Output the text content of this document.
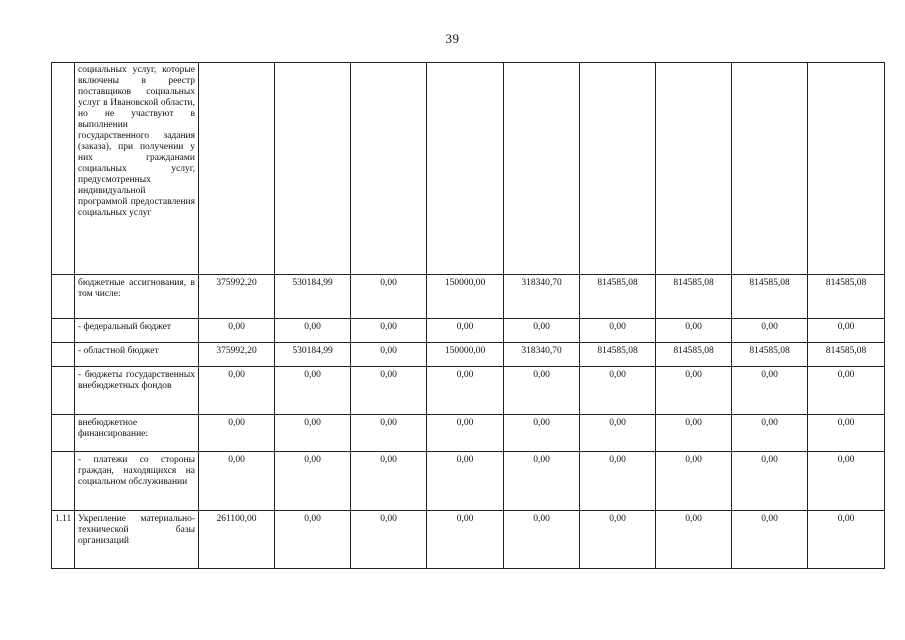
39
	социальных услуг, которые включены в реестр поставщиков социальных услуг в Ивановской области, но не участвуют в выполнении государственного задания (заказа), при получении у них гражданами социальных услуг, предусмотренных индивидуальной программой предоставления социальных услуг									
	бюджетные ассигнования, в том числе:	375992,20	530184,99	0,00	150000,00	318340,70	814585,08	814585,08	814585,08	814585,08
	- федеральный бюджет	0,00	0,00	0,00	0,00	0,00	0,00	0,00	0,00	0,00
	- областной бюджет	375992,20	530184,99	0,00	150000,00	318340,70	814585,08	814585,08	814585,08	814585,08
	- бюджеты государственных внебюджетных фондов	0,00	0,00	0,00	0,00	0,00	0,00	0,00	0,00	0,00
	внебюджетное финансирование:	0,00	0,00	0,00	0,00	0,00	0,00	0,00	0,00	0,00
	- платежи со стороны граждан, находящихся на социальном обслуживании	0,00	0,00	0,00	0,00	0,00	0,00	0,00	0,00	0,00
1.11	Укрепление материально-технической базы организаций	261100,00	0,00	0,00	0,00	0,00	0,00	0,00	0,00	0,00
